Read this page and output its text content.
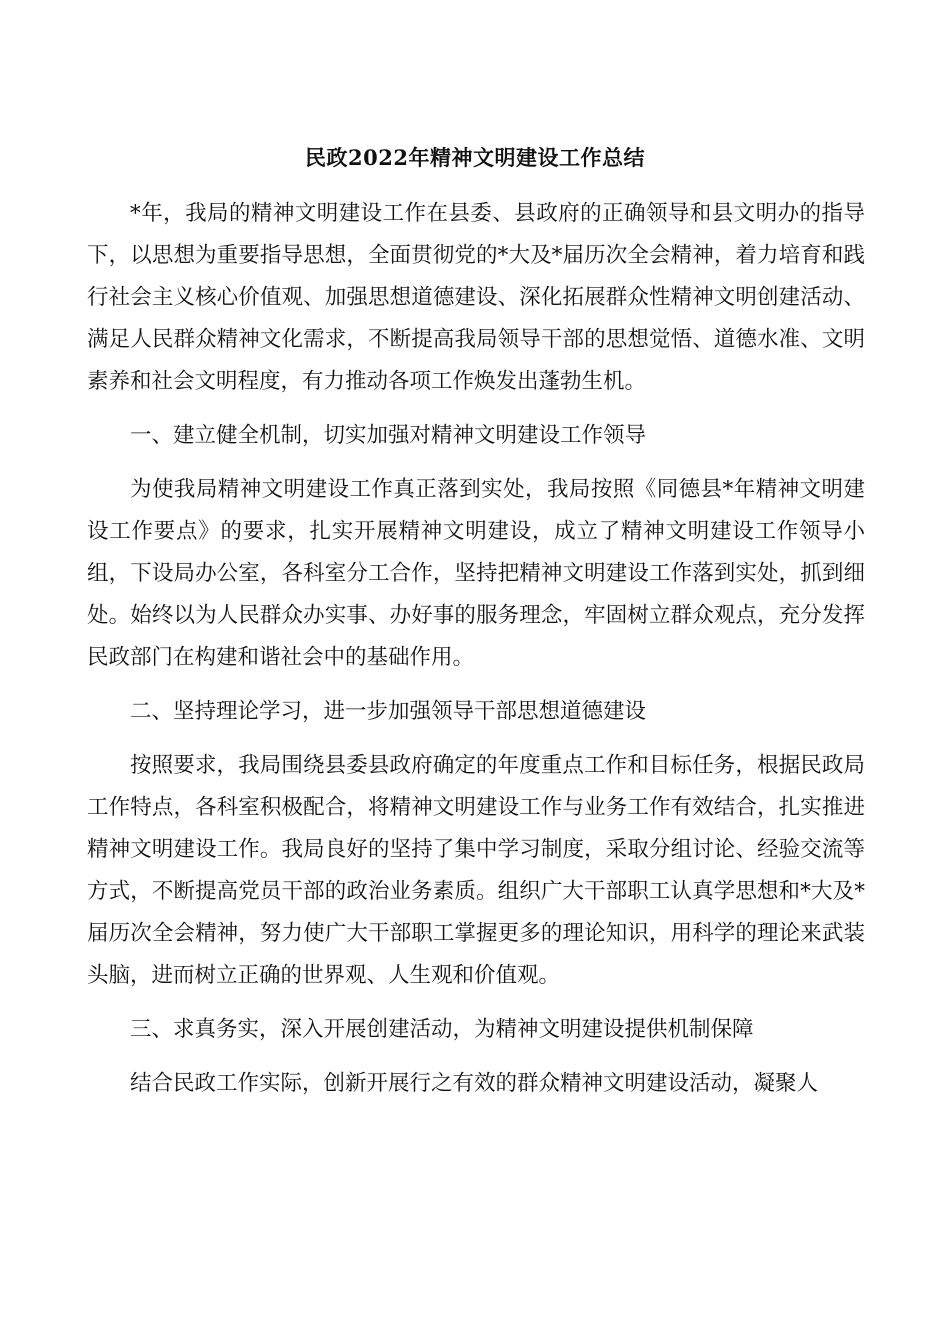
民政2022年精神文明建设工作总结

*年，我局的精神文明建设工作在县委、县政府的正确领导和县文明办的指导下，以思想为重要指导思想，全面贯彻党的*大及*届历次全会精神，着力培育和践行社会主义核心价值观、加强思想道德建设、深化拓展群众性精神文明创建活动、满足人民群众精神文化需求，不断提高我局领导干部的思想觉悟、道德水准、文明素养和社会文明程度，有力推动各项工作焕发出蓬勃生机。

一、建立健全机制，切实加强对精神文明建设工作领导

为使我局精神文明建设工作真正落到实处，我局按照《同德县*年精神文明建设工作要点》的要求，扎实开展精神文明建设，成立了精神文明建设工作领导小组，下设局办公室，各科室分工合作，坚持把精神文明建设工作落到实处，抓到细处。始终以为人民群众办实事、办好事的服务理念，牢固树立群众观点，充分发挥民政部门在构建和谐社会中的基础作用。

二、坚持理论学习，进一步加强领导干部思想道德建设

按照要求，我局围绕县委县政府确定的年度重点工作和目标任务，根据民政局工作特点，各科室积极配合，将精神文明建设工作与业务工作有效结合，扎实推进精神文明建设工作。我局良好的坚持了集中学习制度，采取分组讨论、经验交流等方式，不断提高党员干部的政治业务素质。组织广大干部职工认真学思想和*大及*届历次全会精神，努力使广大干部职工掌握更多的理论知识，用科学的理论来武装头脑，进而树立正确的世界观、人生观和价值观。

三、求真务实，深入开展创建活动，为精神文明建设提供机制保障

结合民政工作实际，创新开展行之有效的群众精神文明建设活动，凝聚人
